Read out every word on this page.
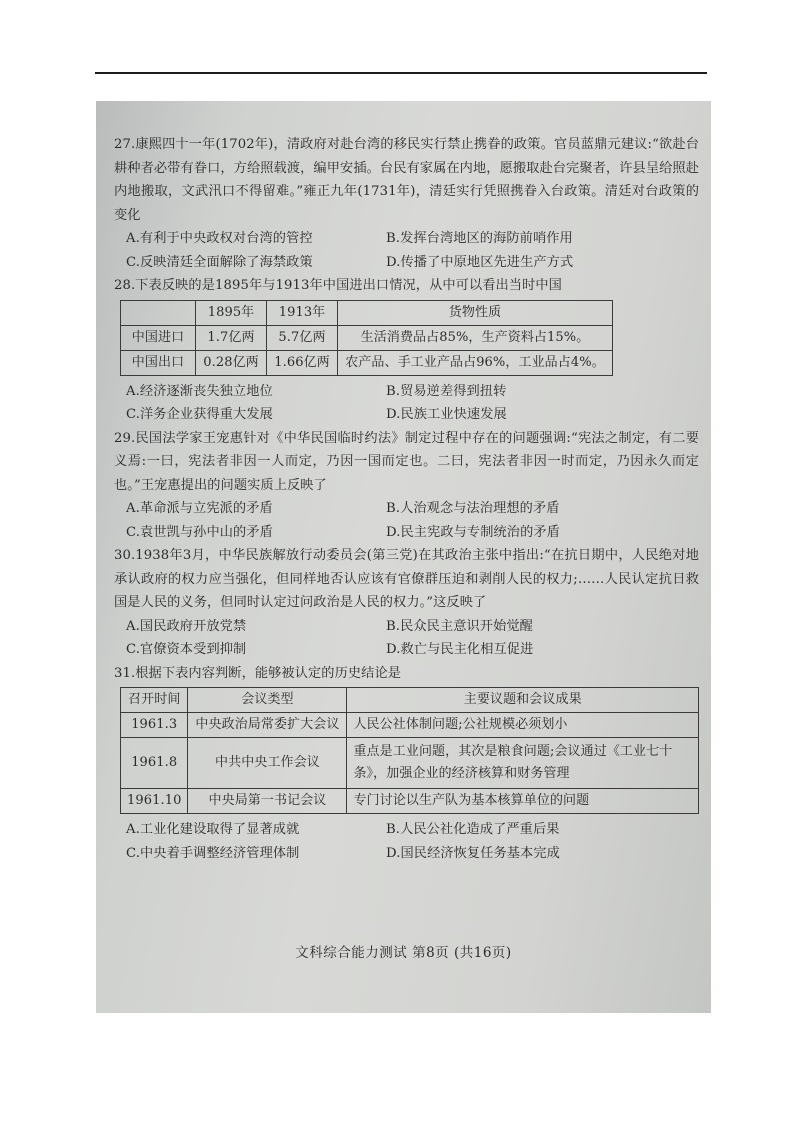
27.康熙四十一年(1702年)，清政府对赴台湾的移民实行禁止携眷的政策。官员蓝鼎元建议:“欲赴台耕种者必带有眷口，方给照载渡，编甲安插。台民有家属在内地，愿搬取赴台完聚者，许县呈给照赴内地搬取，文武汛口不得留难。”雍正九年(1731年)，清廷实行凭照携眷入台政策。清廷对台政策的变化

A.有利于中央政权对台湾的管控	B.发挥台湾地区的海防前哨作用
C.反映清廷全面解除了海禁政策	D.传播了中原地区先进生产方式

28.下表反映的是1895年与1913年中国进出口情况，从中可以看出当时中国

	1895年	1913年	货物性质
中国进口	1.7亿两	5.7亿两	生活消费品占85%，生产资料占15%。
中国出口	0.28亿两	1.66亿两	农产品、手工业产品占96%，工业品占4%。
A.经济逐渐丧失独立地位	B.贸易逆差得到扭转
C.洋务企业获得重大发展	D.民族工业快速发展

29.民国法学家王宠惠针对《中华民国临时约法》制定过程中存在的问题强调:“宪法之制定，有二要义焉:一曰，宪法者非因一人而定，乃因一国而定也。二曰，宪法者非因一时而定，乃因永久而定也。”王宠惠提出的问题实质上反映了

A.革命派与立宪派的矛盾	B.人治观念与法治理想的矛盾
C.袁世凯与孙中山的矛盾	D.民主宪政与专制统治的矛盾

30.1938年3月，中华民族解放行动委员会(第三党)在其政治主张中指出:“在抗日期中，人民绝对地承认政府的权力应当强化，但同样地否认应该有官僚群压迫和剥削人民的权力;……人民认定抗日救国是人民的义务，但同时认定过问政治是人民的权力。”这反映了

A.国民政府开放党禁	B.民众民主意识开始觉醒
C.官僚资本受到抑制	D.救亡与民主化相互促进

31.根据下表内容判断，能够被认定的历史结论是

召开时间	会议类型	主要议题和会议成果
1961.3	中央政治局常委扩大会议	人民公社体制问题;公社规模必须划小
1961.8	中共中央工作会议	重点是工业问题，其次是粮食问题;会议通过《工业七十条》，加强企业的经济核算和财务管理
1961.10	中央局第一书记会议	专门讨论以生产队为基本核算单位的问题
A.工业化建设取得了显著成就	B.人民公社化造成了严重后果
C.中央着手调整经济管理体制	D.国民经济恢复任务基本完成
文科综合能力测试 第8页 (共16页)
